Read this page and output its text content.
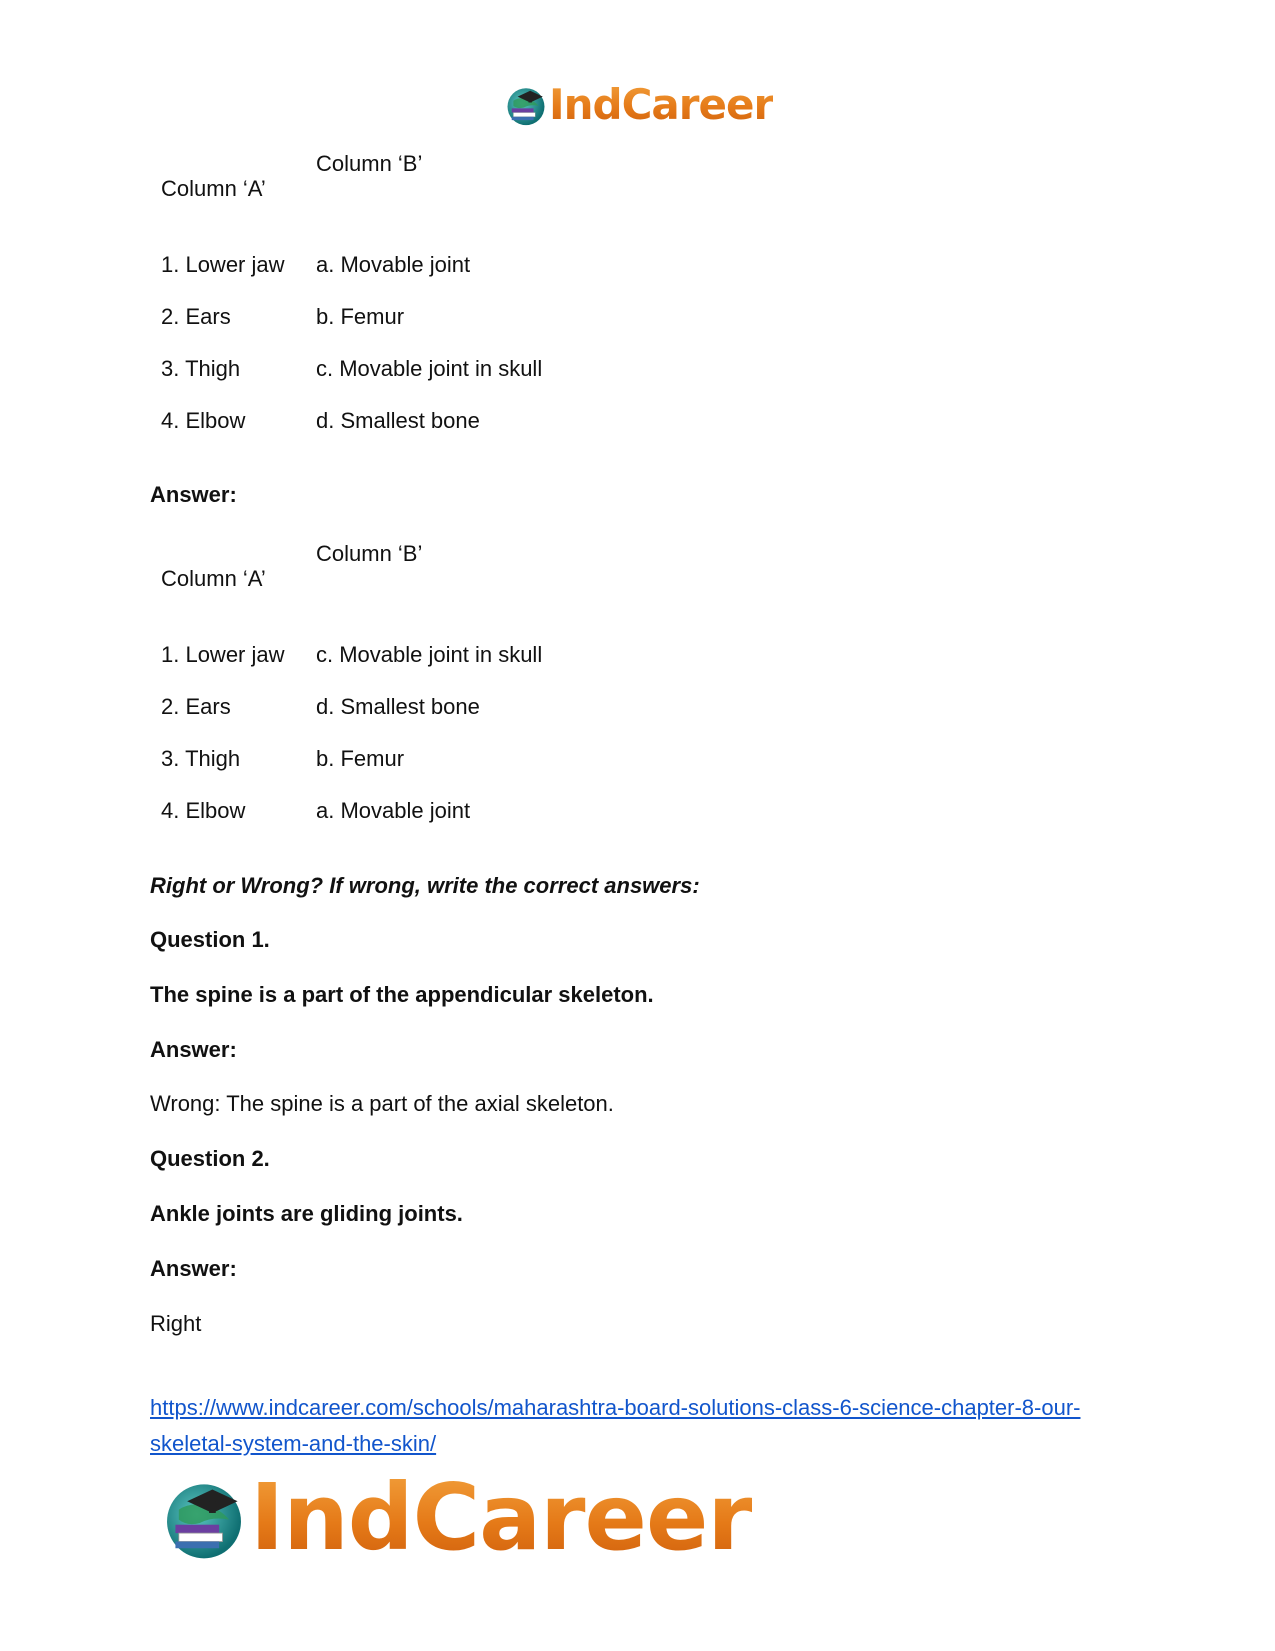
IndCareer
Column ‘B’
Column ‘A’
1. Lower jaw a. Movable joint
2. Ears	b. Femur
3. Thigh	c. Movable joint in skull
4. Elbow	d. Smallest bone
Answer:
Column ‘B’
Column ‘A’
1. Lower jaw c. Movable joint in skull
2. Ears	d. Smallest bone
3. Thigh	b. Femur
4. Elbow	a. Movable joint
Right or Wrong? If wrong, write the correct answers:
Question 1.
The spine is a part of the appendicular skeleton.
Answer:
Wrong: The spine is a part of the axial skeleton.
Question 2.
Ankle joints are gliding joints.
Answer:
Right
https://www.indcareer.com/schools/maharashtra-board-solutions-class-6-science-chapter-8-our-skeletal-system-and-the-skin/
IndCareer
